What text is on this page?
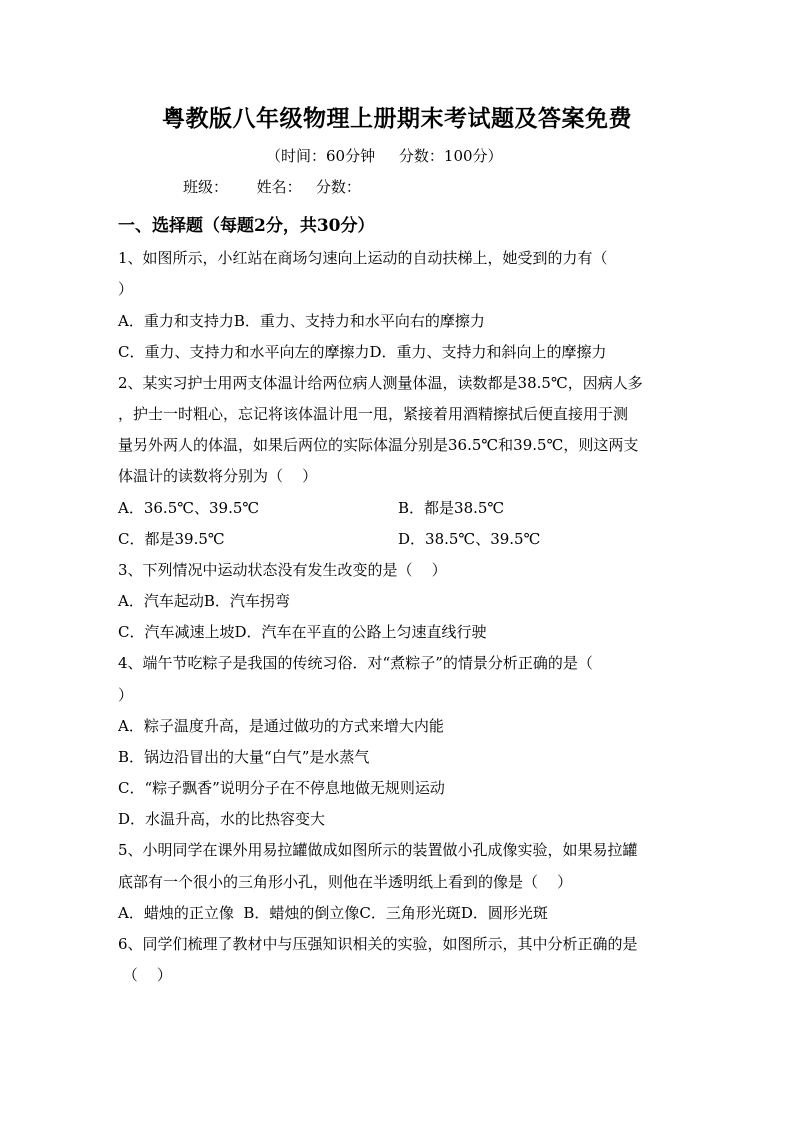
粤教版八年级物理上册期末考试题及答案免费
（时间：60分钟     分数：100分）
班级：      姓名：   分数：
一、选择题（每题2分，共30分）
1、如图所示，小红站在商场匀速向上运动的自动扶梯上，她受到的力有（
）
A．重力和支持力B．重力、支持力和水平向右的摩擦力
C．重力、支持力和水平向左的摩擦力D．重力、支持力和斜向上的摩擦力
2、某实习护士用两支体温计给两位病人测量体温，读数都是38.5℃，因病人多
，护士一时粗心，忘记将该体温计甩一甩，紧接着用酒精擦拭后便直接用于测
量另外两人的体温，如果后两位的实际体温分别是36.5℃和39.5℃，则这两支
体温计的读数将分别为（    ）
A．36.5℃、39.5℃	B．都是38.5℃
C．都是39.5℃	D．38.5℃、39.5℃
3、下列情况中运动状态没有发生改变的是（    ）
A．汽车起动B．汽车拐弯
C．汽车减速上坡D．汽车在平直的公路上匀速直线行驶
4、端午节吃粽子是我国的传统习俗．对“煮粽子”的情景分析正确的是（
）
A．粽子温度升高，是通过做功的方式来增大内能
B．锅边沿冒出的大量“白气”是水蒸气
C．“粽子飘香”说明分子在不停息地做无规则运动
D．水温升高，水的比热容变大
5、小明同学在课外用易拉罐做成如图所示的装置做小孔成像实验，如果易拉罐
底部有一个很小的三角形小孔，则他在半透明纸上看到的像是（    ）
A．蜡烛的正立像  B．蜡烛的倒立像C．三角形光斑D．圆形光斑
6、同学们梳理了教材中与压强知识相关的实验，如图所示，其中分析正确的是
（    ）
